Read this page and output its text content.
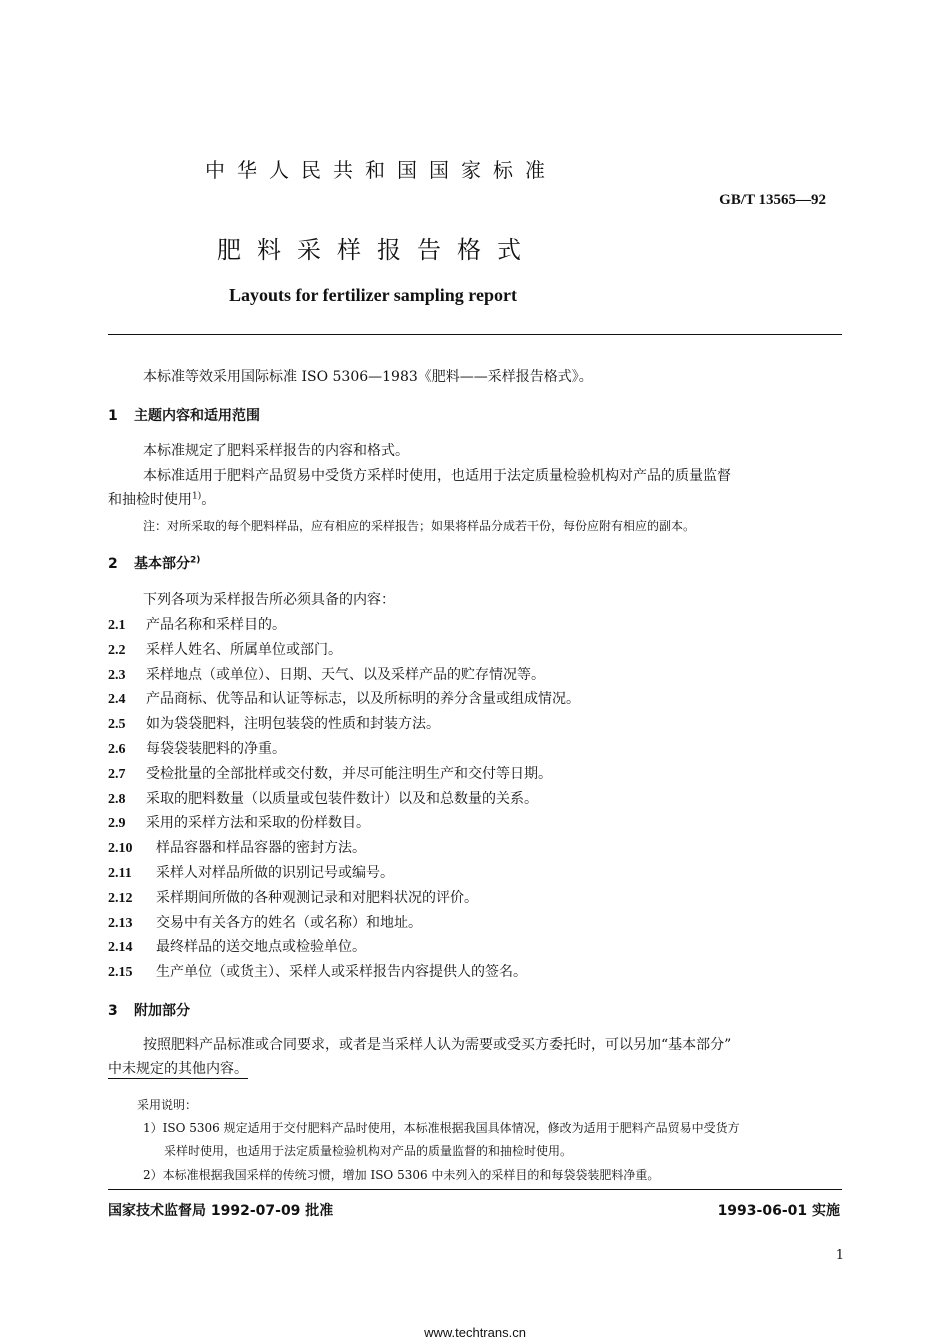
中华人民共和国国家标准
GB/T 13565—92
肥料采样报告格式
Layouts for fertilizer sampling report
本标准等效采用国际标准 ISO 5306—1983《肥料——采样报告格式》。
1 主题内容和适用范围
本标准规定了肥料采样报告的内容和格式。
本标准适用于肥料产品贸易中受货方采样时使用，也适用于法定质量检验机构对产品的质量监督
和抽检时使用$^{1)}$。
注：对所采取的每个肥料样品，应有相应的采样报告；如果将样品分成若干份，每份应附有相应的副本。
2 基本部分$^{2)}$
下列各项为采样报告所必须具备的内容：
2.1 产品名称和采样目的。
2.2 采样人姓名、所属单位或部门。
2.3 采样地点（或单位）、日期、天气、以及采样产品的贮存情况等。
2.4 产品商标、优等品和认证等标志，以及所标明的养分含量或组成情况。
2.5 如为袋袋肥料，注明包装袋的性质和封装方法。
2.6 每袋袋装肥料的净重。
2.7 受检批量的全部批样或交付数，并尽可能注明生产和交付等日期。
2.8 采取的肥料数量（以质量或包装件数计）以及和总数量的关系。
2.9 采用的采样方法和采取的份样数目。
2.10 样品容器和样品容器的密封方法。
2.11 采样人对样品所做的识别记号或编号。
2.12 采样期间所做的各种观测记录和对肥料状况的评价。
2.13 交易中有关各方的姓名（或名称）和地址。
2.14 最终样品的送交地点或检验单位。
2.15 生产单位（或货主）、采样人或采样报告内容提供人的签名。
3 附加部分
按照肥料产品标准或合同要求，或者是当采样人认为需要或受买方委托时，可以另加“基本部分”
中未规定的其他内容。
采用说明：
1）ISO 5306 规定适用于交付肥料产品时使用，本标准根据我国具体情况，修改为适用于肥料产品贸易中受货方
采样时使用，也适用于法定质量检验机构对产品的质量监督的和抽检时使用。
2）本标准根据我国采样的传统习惯，增加 ISO 5306 中未列入的采样目的和每袋袋装肥料净重。
国家技术监督局 1992-07-09 批准	1993-06-01 实施
1
www.techtrans.cn
